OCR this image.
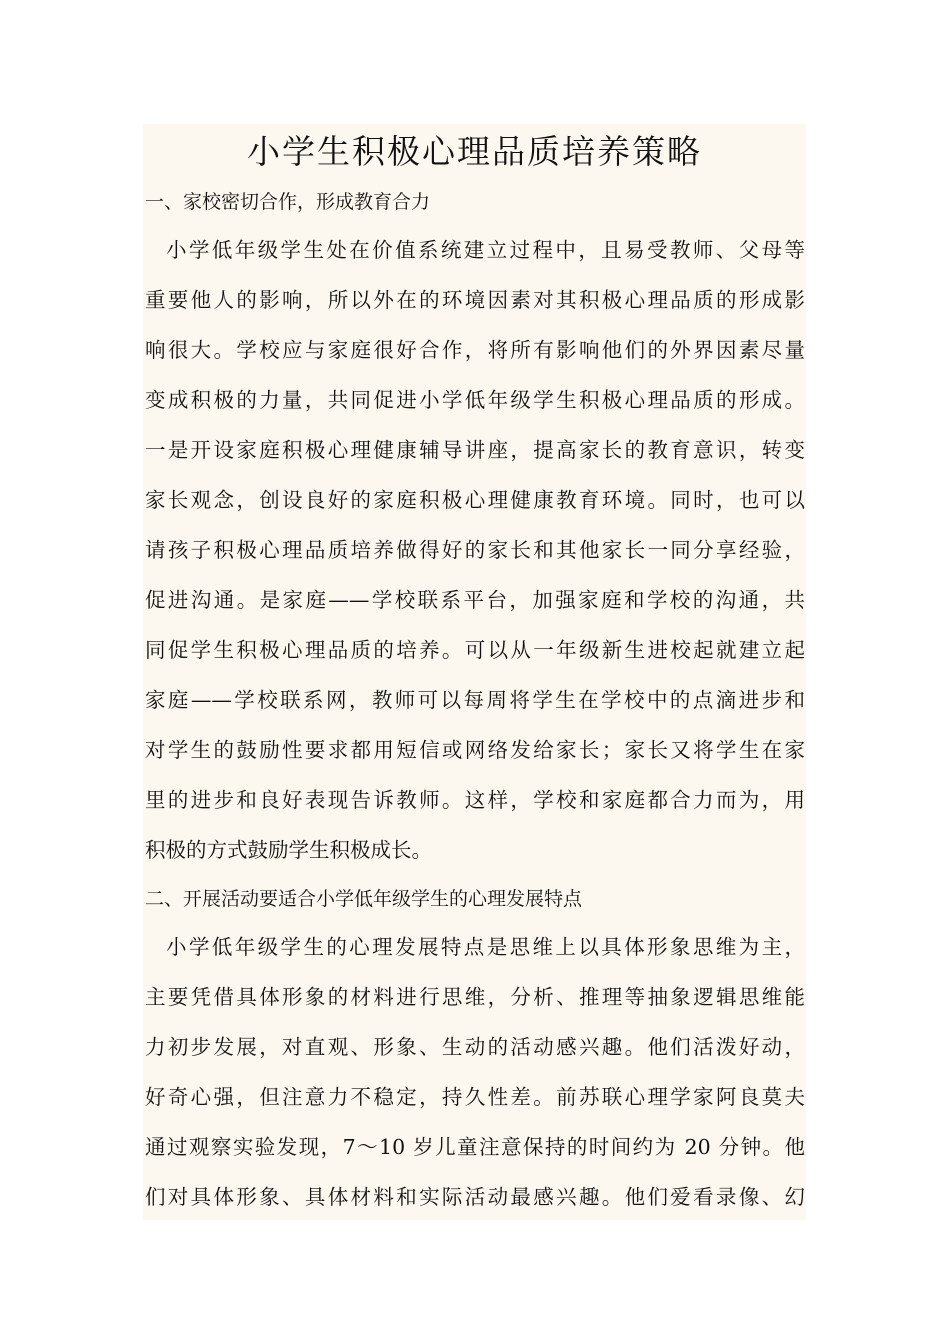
小学生积极心理品质培养策略
一、家校密切合作，形成教育合力
小学低年级学生处在价值系统建立过程中，且易受教师、父母等
重要他人的影响，所以外在的环境因素对其积极心理品质的形成影
响很大。学校应与家庭很好合作，将所有影响他们的外界因素尽量
变成积极的力量，共同促进小学低年级学生积极心理品质的形成。
一是开设家庭积极心理健康辅导讲座，提高家长的教育意识，转变
家长观念，创设良好的家庭积极心理健康教育环境。同时，也可以
请孩子积极心理品质培养做得好的家长和其他家长一同分享经验，
促进沟通。是家庭——学校联系平台，加强家庭和学校的沟通，共
同促学生积极心理品质的培养。可以从一年级新生进校起就建立起
家庭——学校联系网，教师可以每周将学生在学校中的点滴进步和
对学生的鼓励性要求都用短信或网络发给家长；家长又将学生在家
里的进步和良好表现告诉教师。这样，学校和家庭都合力而为，用
积极的方式鼓励学生积极成长。
二、开展活动要适合小学低年级学生的心理发展特点
小学低年级学生的心理发展特点是思维上以具体形象思维为主，
主要凭借具体形象的材料进行思维，分析、推理等抽象逻辑思维能
力初步发展，对直观、形象、生动的活动感兴趣。他们活泼好动，
好奇心强，但注意力不稳定，持久性差。前苏联心理学家阿良莫夫
通过观察实验发现，7～10 岁儿童注意保持的时间约为 20 分钟。他
们对具体形象、具体材料和实际活动最感兴趣。他们爱看录像、幻
